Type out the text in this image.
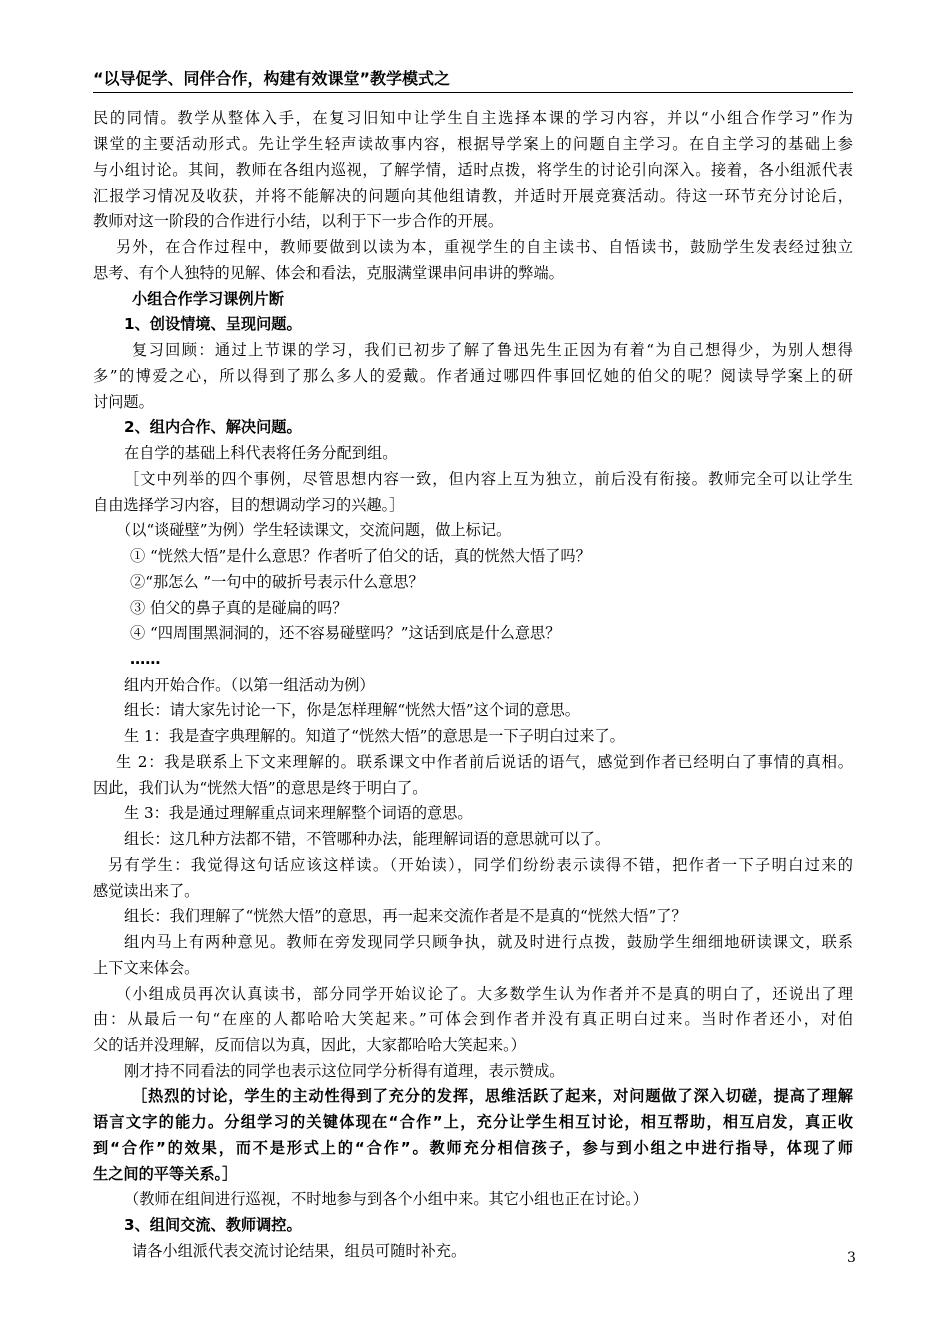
“以导促学、同伴合作，构建有效课堂”教学模式之
民的同情。教学从整体入手，在复习旧知中让学生自主选择本课的学习内容，并以“小组合作学习”作为
课堂的主要活动形式。先让学生轻声读故事内容，根据导学案上的问题自主学习。在自主学习的基础上参
与小组讨论。其间，教师在各组内巡视，了解学情，适时点拨，将学生的讨论引向深入。接着，各小组派代表
汇报学习情况及收获，并将不能解决的问题向其他组请教，并适时开展竞赛活动。待这一环节充分讨论后，
教师对这一阶段的合作进行小结，以利于下一步合作的开展。
另外，在合作过程中，教师要做到以读为本，重视学生的自主读书、自悟读书，鼓励学生发表经过独立
思考、有个人独特的见解、体会和看法，克服满堂课串问串讲的弊端。
小组合作学习课例片断
1、创设情境、呈现问题。
复习回顾：通过上节课的学习，我们已初步了解了鲁迅先生正因为有着“为自己想得少，为别人想得
多”的博爱之心，所以得到了那么多人的爱戴。作者通过哪四件事回忆她的伯父的呢？阅读导学案上的研
讨问题。
2、组内合作、解决问题。
在自学的基础上科代表将任务分配到组。
［文中列举的四个事例，尽管思想内容一致，但内容上互为独立，前后没有衔接。教师完全可以让学生
自由选择学习内容，目的想调动学习的兴趣。］
（以“谈碰壁”为例）学生轻读课文，交流问题，做上标记。
① “恍然大悟”是什么意思？作者听了伯父的话，真的恍然大悟了吗？
②“那怎么 ”一句中的破折号表示什么意思？
③ 伯父的鼻子真的是碰扁的吗？
④ “四周围黑洞洞的，还不容易碰壁吗？”这话到底是什么意思？
……
组内开始合作。（以第一组活动为例）
组长：请大家先讨论一下，你是怎样理解“恍然大悟”这个词的意思。
生 1：我是查字典理解的。知道了“恍然大悟”的意思是一下子明白过来了。
生 2：我是联系上下文来理解的。联系课文中作者前后说话的语气，感觉到作者已经明白了事情的真相。
因此，我们认为“恍然大悟”的意思是终于明白了。
生 3：我是通过理解重点词来理解整个词语的意思。
组长：这几种方法都不错，不管哪种办法，能理解词语的意思就可以了。
另有学生：我觉得这句话应该这样读。（开始读），同学们纷纷表示读得不错，把作者一下子明白过来的
感觉读出来了。
组长：我们理解了“恍然大悟”的意思，再一起来交流作者是不是真的“恍然大悟”了？
组内马上有两种意见。教师在旁发现同学只顾争执，就及时进行点拨，鼓励学生细细地研读课文，联系
上下文来体会。
（小组成员再次认真读书，部分同学开始议论了。大多数学生认为作者并不是真的明白了，还说出了理
由：从最后一句“在座的人都哈哈大笑起来。”可体会到作者并没有真正明白过来。当时作者还小，对伯
父的话并没理解，反而信以为真，因此，大家都哈哈大笑起来。）
刚才持不同看法的同学也表示这位同学分析得有道理，表示赞成。
［热烈的讨论，学生的主动性得到了充分的发挥，思维活跃了起来，对问题做了深入切磋，提高了理解
语言文字的能力。分组学习的关键体现在“合作”上，充分让学生相互讨论，相互帮助，相互启发，真正收
到“合作”的效果，而不是形式上的“合作”。教师充分相信孩子，参与到小组之中进行指导，体现了师
生之间的平等关系。］
（教师在组间进行巡视，不时地参与到各个小组中来。其它小组也正在讨论。）
3、组间交流、教师调控。
请各小组派代表交流讨论结果，组员可随时补充。	3
